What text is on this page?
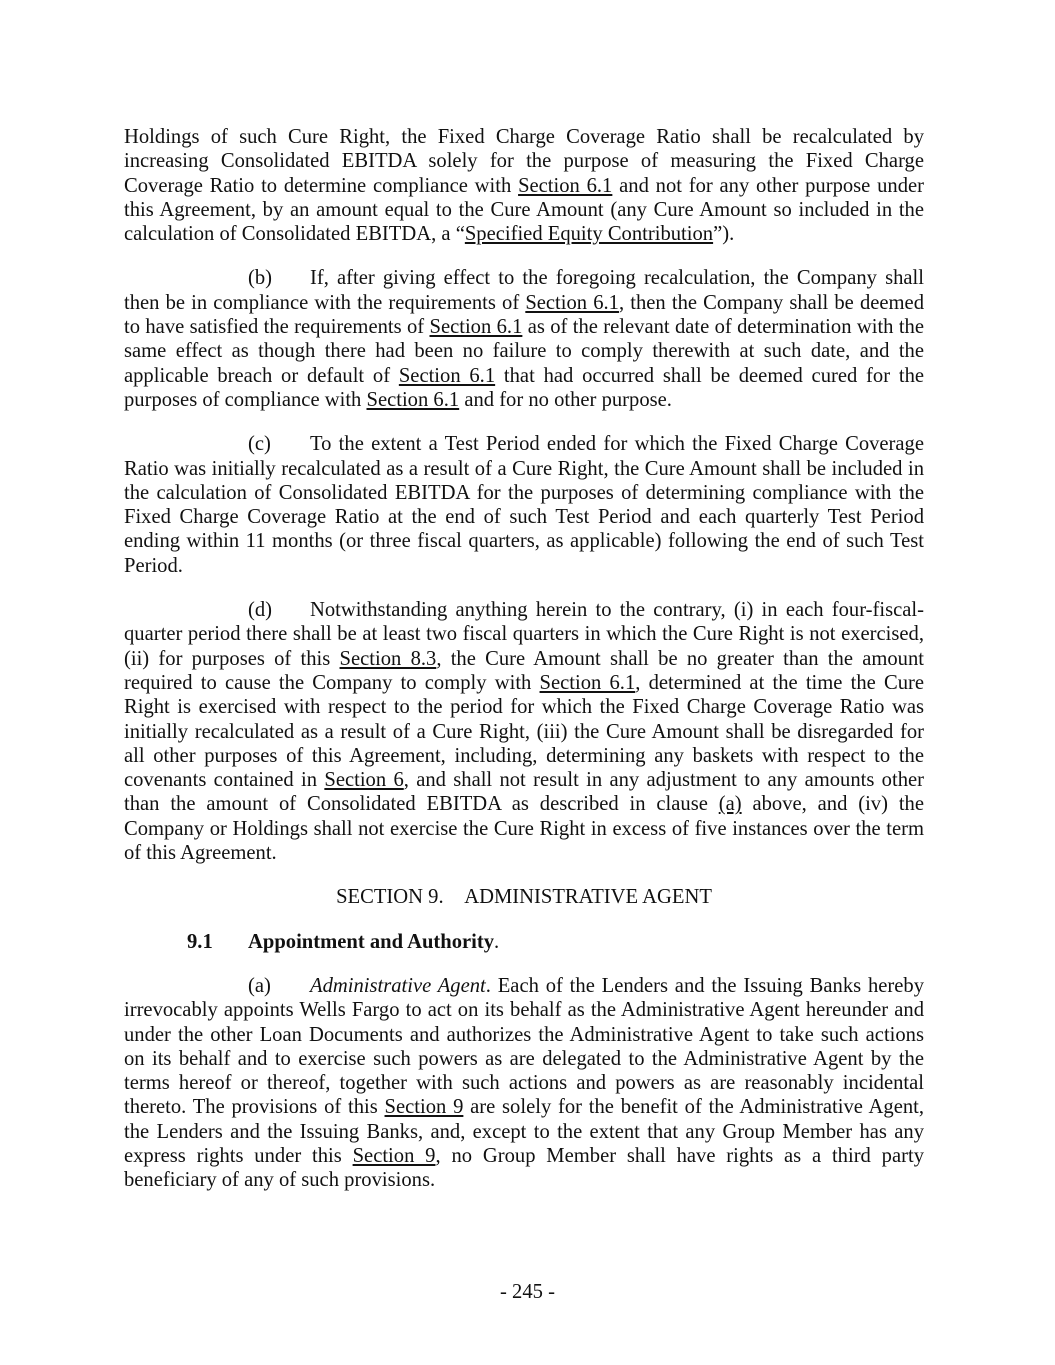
Holdings of such Cure Right, the Fixed Charge Coverage Ratio shall be recalculated by increasing Consolidated EBITDA solely for the purpose of measuring the Fixed Charge Coverage Ratio to determine compliance with Section 6.1 and not for any other purpose under this Agreement, by an amount equal to the Cure Amount (any Cure Amount so included in the calculation of Consolidated EBITDA, a “Specified Equity Contribution”).

(b) If, after giving effect to the foregoing recalculation, the Company shall then be in compliance with the requirements of Section 6.1, then the Company shall be deemed to have satisfied the requirements of Section 6.1 as of the relevant date of determination with the same effect as though there had been no failure to comply therewith at such date, and the applicable breach or default of Section 6.1 that had occurred shall be deemed cured for the purposes of compliance with Section 6.1 and for no other purpose.

(c) To the extent a Test Period ended for which the Fixed Charge Coverage Ratio was initially recalculated as a result of a Cure Right, the Cure Amount shall be included in the calculation of Consolidated EBITDA for the purposes of determining compliance with the Fixed Charge Coverage Ratio at the end of such Test Period and each quarterly Test Period ending within 11 months (or three fiscal quarters, as applicable) following the end of such Test Period.

(d) Notwithstanding anything herein to the contrary, (i) in each four-fiscal-quarter period there shall be at least two fiscal quarters in which the Cure Right is not exercised, (ii) for purposes of this Section 8.3, the Cure Amount shall be no greater than the amount required to cause the Company to comply with Section 6.1, determined at the time the Cure Right is exercised with respect to the period for which the Fixed Charge Coverage Ratio was initially recalculated as a result of a Cure Right, (iii) the Cure Amount shall be disregarded for all other purposes of this Agreement, including, determining any baskets with respect to the covenants contained in Section 6, and shall not result in any adjustment to any amounts other than the amount of Consolidated EBITDA as described in clause (a) above, and (iv) the Company or Holdings shall not exercise the Cure Right in excess of five instances over the term of this Agreement.

SECTION 9. ADMINISTRATIVE AGENT
9.1 Appointment and Authority.

(a) Administrative Agent. Each of the Lenders and the Issuing Banks hereby irrevocably appoints Wells Fargo to act on its behalf as the Administrative Agent hereunder and under the other Loan Documents and authorizes the Administrative Agent to take such actions on its behalf and to exercise such powers as are delegated to the Administrative Agent by the terms hereof or thereof, together with such actions and powers as are reasonably incidental thereto. The provisions of this Section 9 are solely for the benefit of the Administrative Agent, the Lenders and the Issuing Banks, and, except to the extent that any Group Member has any express rights under this Section 9, no Group Member shall have rights as a third party beneficiary of any of such provisions.

- 245 -
